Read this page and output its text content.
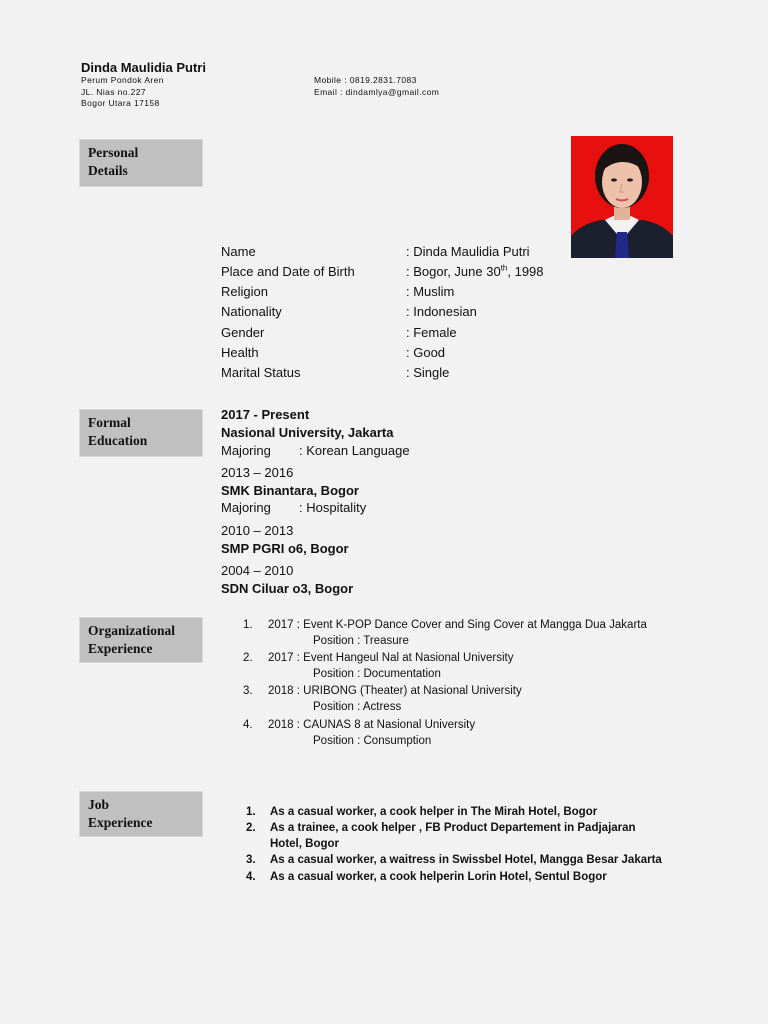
Dinda Maulidia Putri
Perum Pondok Aren
JL. Nias no.227
Bogor Utara 17158
Mobile : 0819.2831.7083
Email : dindamlya@gmail.com
Personal
Details
Formal
Education
Organizational
Experience
Job
Experience
Name	: Dinda Maulidia Putri
Place and Date of Birth	: Bogor, June 30th, 1998
Religion	: Muslim
Nationality	: Indonesian
Gender	: Female
Health	: Good
Marital Status	: Single
2017 - Present
Nasional University, Jakarta
Majoring : Korean Language
2013 – 2016
SMK Binantara, Bogor
Majoring : Hospitality
2010 – 2013
SMP PGRI o6, Bogor
2004 – 2010
SDN Ciluar o3, Bogor
1. 2017 : Event K-POP Dance Cover and Sing Cover at Mangga Dua Jakarta
Position : Treasure
2. 2017 : Event Hangeul Nal at Nasional University
Position : Documentation
3. 2018 : URIBONG (Theater) at Nasional University
Position : Actress
4. 2018 : CAUNAS 8 at Nasional University
Position : Consumption
1. As a casual worker, a cook helper in The Mirah Hotel, Bogor
2. As a trainee, a cook helper , FB Product Departement in Padjajaran
Hotel, Bogor
3. As a casual worker, a waitress in Swissbel Hotel, Mangga Besar Jakarta
4. As a casual worker, a cook helperin Lorin Hotel, Sentul Bogor
